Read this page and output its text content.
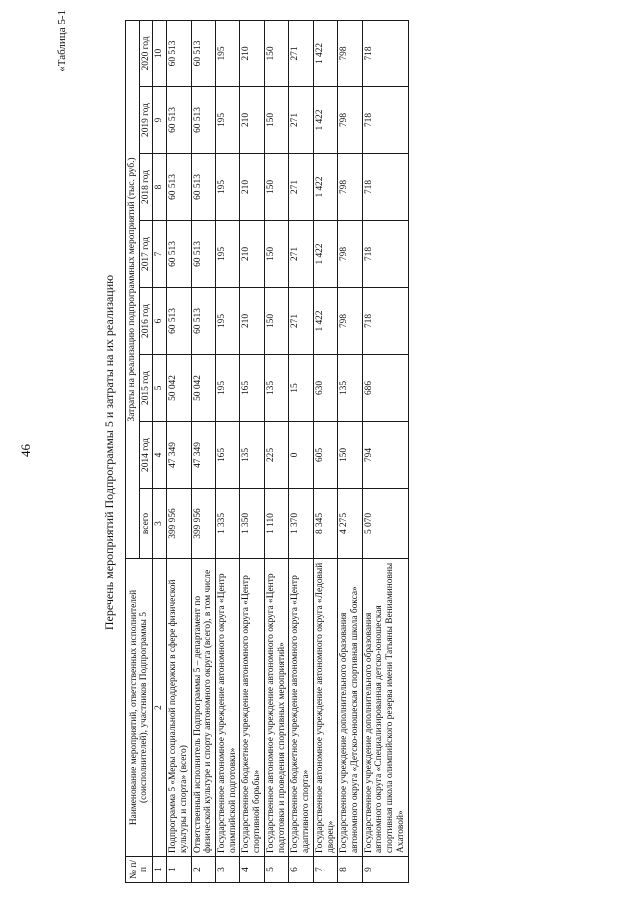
46
«Таблица 5-1
Перечень мероприятий Подпрограммы 5 и затраты на их реализацию
№ п/п	Наименование мероприятий, ответственных исполнителей (соисполнителей), участников Подпрограммы 5	Затраты на реализацию подпрограммных мероприятий (тыс. руб.)							
		всего	2014 год	2015 год	2016 год	2017 год	2018 год	2019 год	2020 год
1	2	3	4	5	6	7	8	9	10
1	Подпрограмма 5 «Меры социальной поддержки в сфере физической культуры и спорта» (всего)	399 956	47 349	50 042	60 513	60 513	60 513	60 513	60 513
2	Ответственный исполнитель Подпрограммы 5 – департамент по физической культуре и спорту автономного округа (всего), в том числе	399 956	47 349	50 042	60 513	60 513	60 513	60 513	60 513
3	Государственное автономное учреждение автономного округа «Центр олимпийской подготовки»	1 335	165	195	195	195	195	195	195
4	Государственное бюджетное учреждение автономного округа «Центр спортивной борьбы»	1 350	135	165	210	210	210	210	210
5	Государственное автономное учреждение автономного округа «Центр подготовки и проведения спортивных мероприятий»	1 110	225	135	150	150	150	150	150
6	Государственное бюджетное учреждение автономного округа «Центр адаптивного спорта»	1 370	0	15	271	271	271	271	271
7	Государственное автономное учреждение автономного округа «Ледовый дворец»	8 345	605	630	1 422	1 422	1 422	1 422	1 422
8	Государственное учреждение дополнительного образования автономного округа «Детско-юношеская спортивная школа бокса»	4 275	150	135	798	798	798	798	798
9	Государственное учреждение дополнительного образования автономного округа «Специализированная детско-юношеская спортивная школа олимпийского резерва имени Татьяны Вениаминовны Ахатовой»	5 070	794	686	718	718	718	718	718
